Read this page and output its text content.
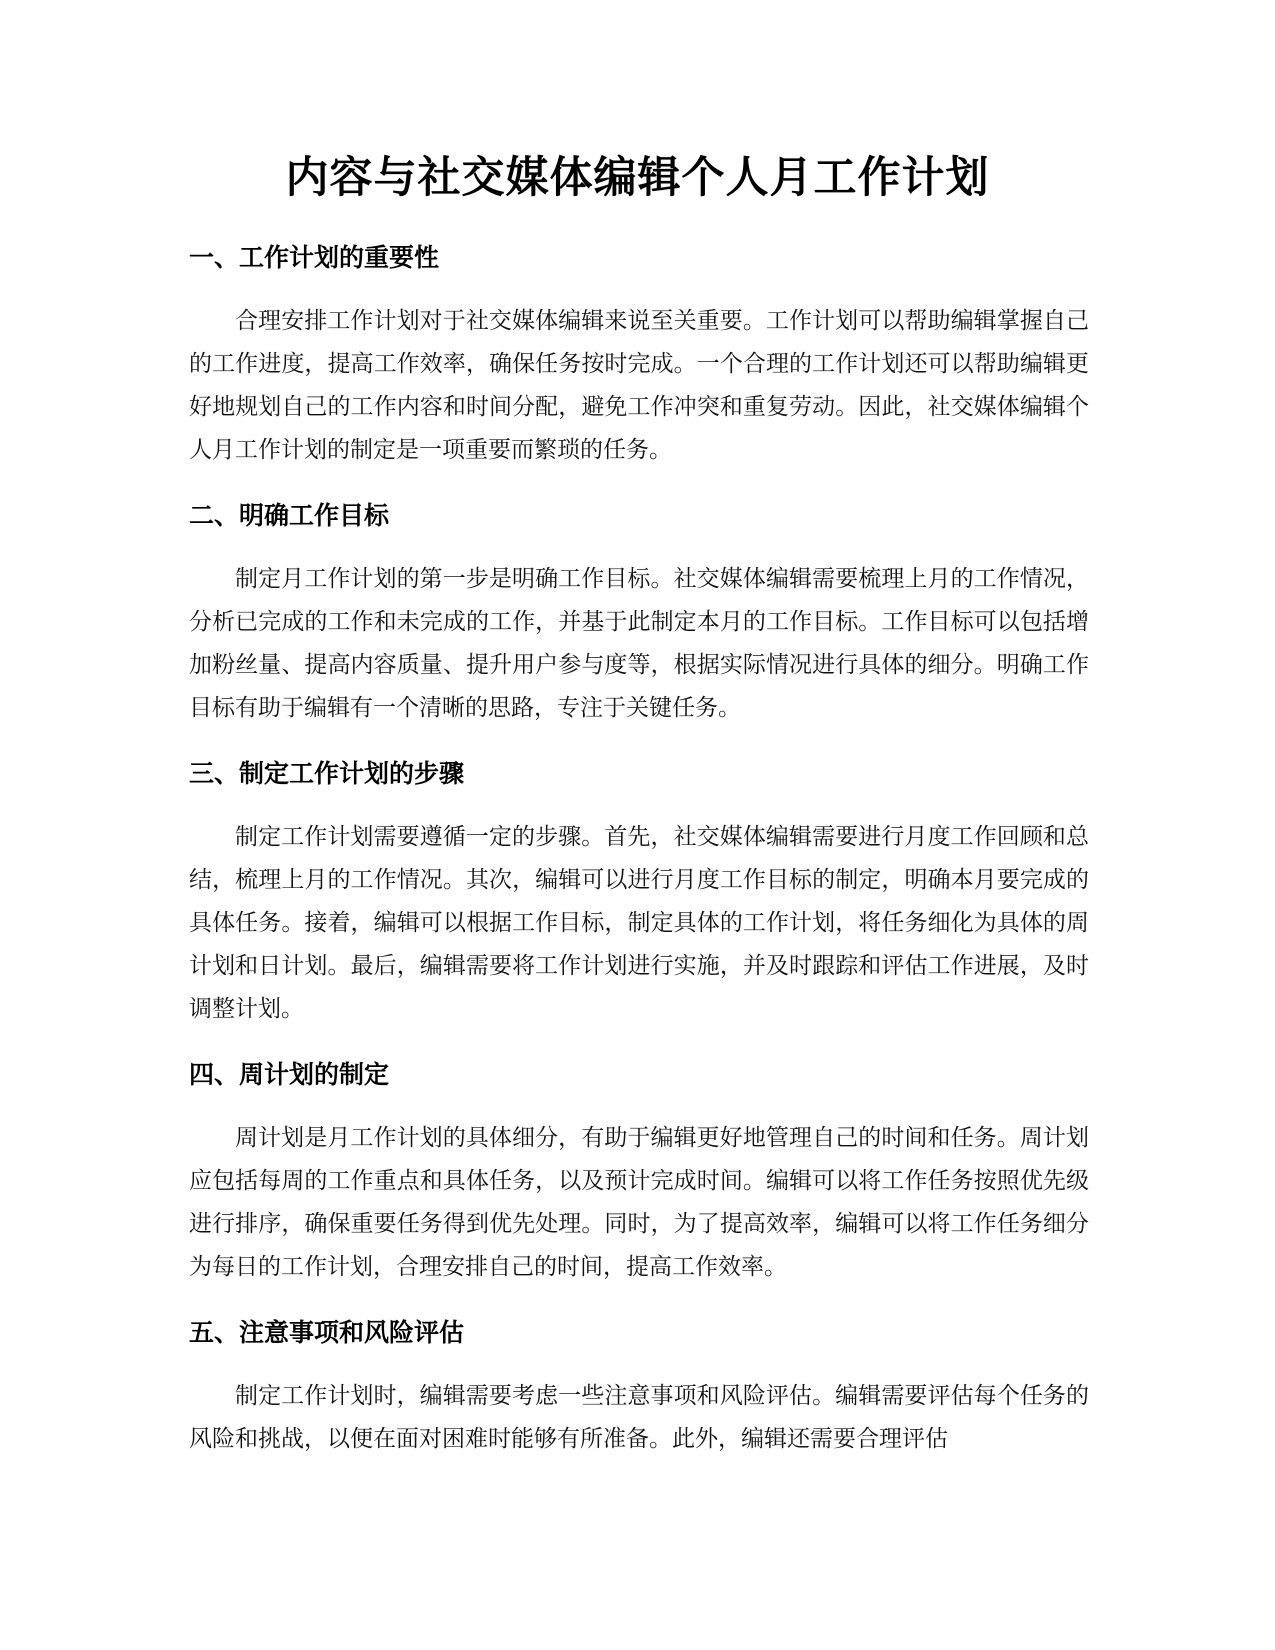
内容与社交媒体编辑个人月工作计划
一、工作计划的重要性

合理安排工作计划对于社交媒体编辑来说至关重要。工作计划可以帮助编辑掌握自己的工作进度，提高工作效率，确保任务按时完成。一个合理的工作计划还可以帮助编辑更好地规划自己的工作内容和时间分配，避免工作冲突和重复劳动。因此，社交媒体编辑个人月工作计划的制定是一项重要而繁琐的任务。

二、明确工作目标

制定月工作计划的第一步是明确工作目标。社交媒体编辑需要梳理上月的工作情况，分析已完成的工作和未完成的工作，并基于此制定本月的工作目标。工作目标可以包括增加粉丝量、提高内容质量、提升用户参与度等，根据实际情况进行具体的细分。明确工作目标有助于编辑有一个清晰的思路，专注于关键任务。

三、制定工作计划的步骤

制定工作计划需要遵循一定的步骤。首先，社交媒体编辑需要进行月度工作回顾和总结，梳理上月的工作情况。其次，编辑可以进行月度工作目标的制定，明确本月要完成的具体任务。接着，编辑可以根据工作目标，制定具体的工作计划，将任务细化为具体的周计划和日计划。最后，编辑需要将工作计划进行实施，并及时跟踪和评估工作进展，及时调整计划。

四、周计划的制定

周计划是月工作计划的具体细分，有助于编辑更好地管理自己的时间和任务。周计划应包括每周的工作重点和具体任务，以及预计完成时间。编辑可以将工作任务按照优先级进行排序，确保重要任务得到优先处理。同时，为了提高效率，编辑可以将工作任务细分为每日的工作计划，合理安排自己的时间，提高工作效率。

五、注意事项和风险评估

制定工作计划时，编辑需要考虑一些注意事项和风险评估。编辑需要评估每个任务的风险和挑战，以便在面对困难时能够有所准备。此外，编辑还需要合理评估
